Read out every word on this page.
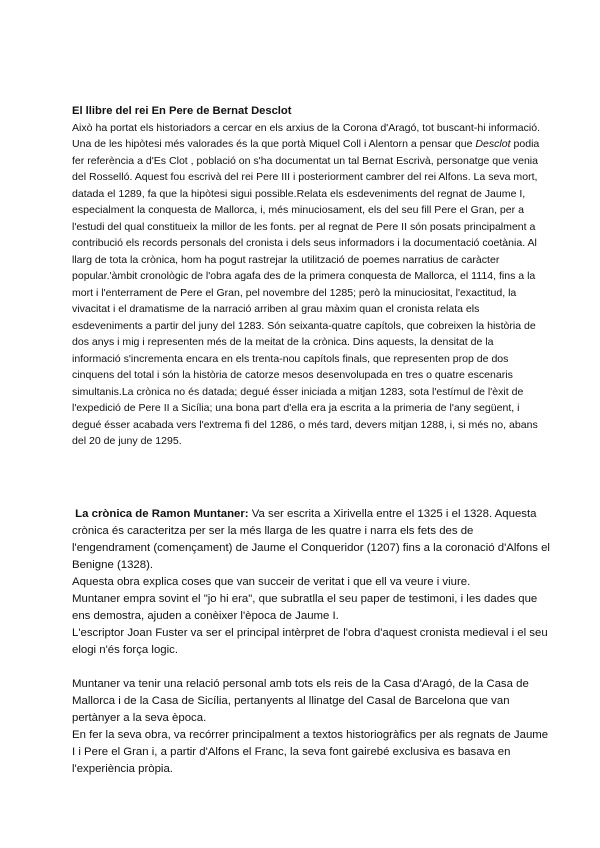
El llibre del rei En Pere de Bernat Desclot
Això ha portat els historiadors a cercar en els arxius de la Corona d'Aragó, tot buscant-hi informació. Una de les hipòtesi més valorades és la que portà Miquel Coll i Alentorn a pensar que Desclot podia fer referència a d'Es Clot , població on s'ha documentat un tal Bernat Escrivà, personatge que venia del Rosselló. Aquest fou escrivà del rei Pere III i posteriorment cambrer del rei Alfons. La seva mort, datada el 1289, fa que la hipòtesi sigui possible.Relata els esdeveniments del regnat de Jaume I, especialment la conquesta de Mallorca, i, més minuciosament, els del seu fill Pere el Gran, per a l'estudi del qual constitueix la millor de les fonts. per al regnat de Pere II són posats principalment a contribució els records personals del cronista i dels seus informadors i la documentació coetània. Al llarg de tota la crònica, hom ha pogut rastrejar la utilització de poemes narratius de caràcter popular.'àmbit cronològic de l'obra agafa des de la primera conquesta de Mallorca, el 1114, fins a la mort i l'enterrament de Pere el Gran, pel novembre del 1285; però la minuciositat, l'exactitud, la vivacitat i el dramatisme de la narració arriben al grau màxim quan el cronista relata els esdeveniments a partir del juny del 1283. Són seixanta-quatre capítols, que cobreixen la història de dos anys i mig i representen més de la meitat de la crònica. Dins aquests, la densitat de la informació s'incrementa encara en els trenta-nou capítols finals, que representen prop de dos cinquens del total i són la història de catorze mesos desenvolupada en tres o quatre escenaris simultanis.La crònica no és datada; degué ésser iniciada a mitjan 1283, sota l'estímul de l'èxit de l'expedició de Pere II a Sicília; una bona part d'ella era ja escrita a la primeria de l'any següent, i degué ésser acabada vers l'extrema fi del 1286, o més tard, devers mitjan 1288, i, si més no, abans del 20 de juny de 1295.
La crònica de Ramon Muntaner: Va ser escrita a Xirivella entre el 1325 i el 1328. Aquesta crònica és caracteritza per ser la més llarga de les quatre i narra els fets des de l'engendrament (començament) de Jaume el Conqueridor (1207) fins a la coronació d'Alfons el Benigne (1328).
Aquesta obra explica coses que van succeir de veritat i que ell va veure i viure.
Muntaner empra sovint el "jo hi era", que subratlla el seu paper de testimoni, i les dades que ens demostra, ajuden a conèixer l'època de Jaume I.
L'escriptor Joan Fuster va ser el principal intèrpret de l'obra d'aquest cronista medieval i el seu elogi n'és força logic.
Muntaner va tenir una relació personal amb tots els reis de la Casa d'Aragó, de la Casa de Mallorca i de la Casa de Sicília, pertanyents al llinatge del Casal de Barcelona que van pertànyer a la seva època.
En fer la seva obra, va recórrer principalment a textos historiogràfics per als regnats de Jaume I i Pere el Gran i, a partir d'Alfons el Franc, la seva font gairebé exclusiva es basava en l'experiència pròpia.
